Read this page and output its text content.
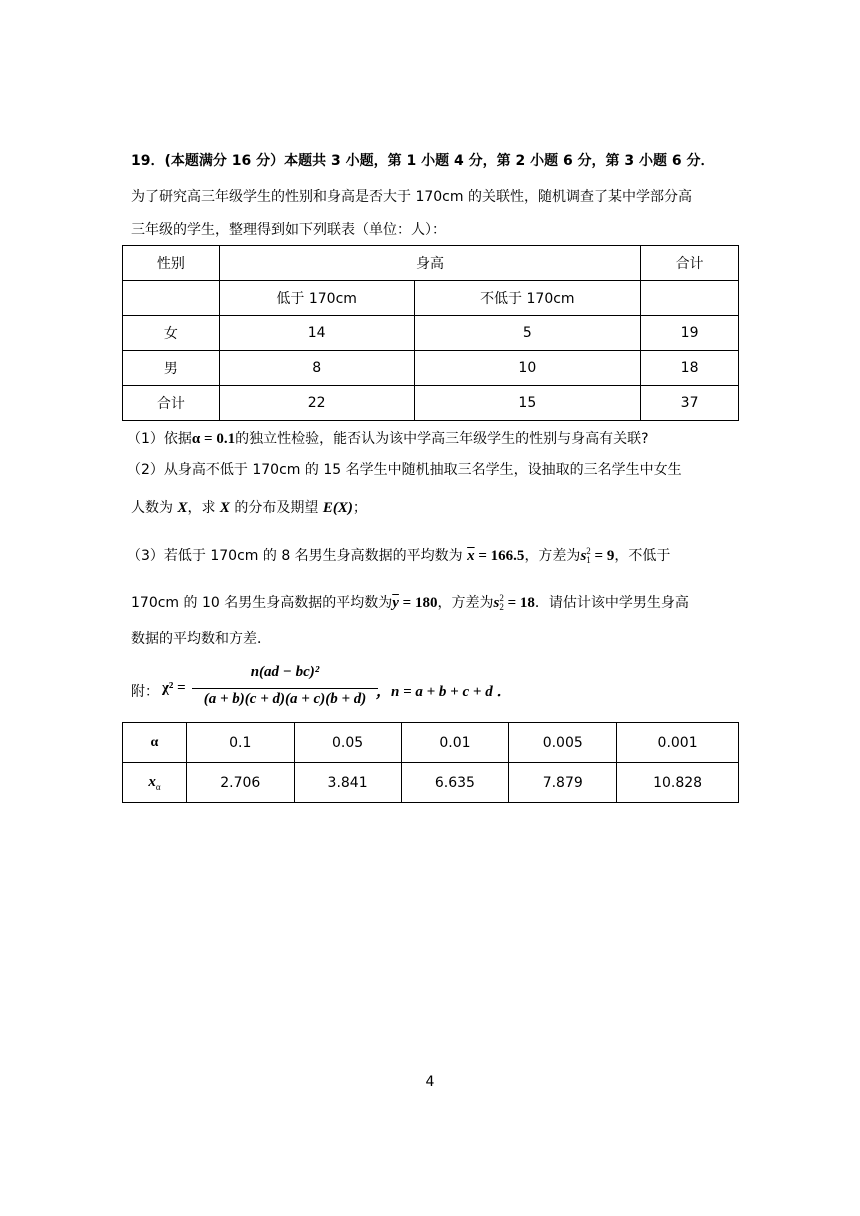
19．(本题满分 16 分）本题共 3 小题，第 1 小题 4 分，第 2 小题 6 分，第 3 小题 6 分．
为了研究高三年级学生的性别和身高是否大于 170cm 的关联性，随机调查了某中学部分高
三年级的学生，整理得到如下列联表（单位：人）：
性别	身高		合计
	低于 170cm	不低于 170cm	
女	14	5	19
男	8	10	18
合计	22	15	37
（1）依据α = 0.1的独立性检验，能否认为该中学高三年级学生的性别与身高有关联?
（2）从身高不低于 170cm 的 15 名学生中随机抽取三名学生，设抽取的三名学生中女生
人数为 X，求 X 的分布及期望 E(X)；
（3）若低于 170cm 的 8 名男生身高数据的平均数为 $\overline{x} = 166.5$，方差为s 2
1 = 9，不低于
170cm 的 10 名男生身高数据的平均数为$\overline{y} = 180$，方差为s 2
2 = 18．请估计该中学男生身高
数据的平均数和方差．
附： χ² =
n(ad − bc)²
(a + b)(c + d)(a + c)(b + d) ，n = a + b + c + d ．
α	0.1	0.05	0.01	0.005	0.001
$x_\alpha$	2.706	3.841	6.635	7.879	10.828
4
